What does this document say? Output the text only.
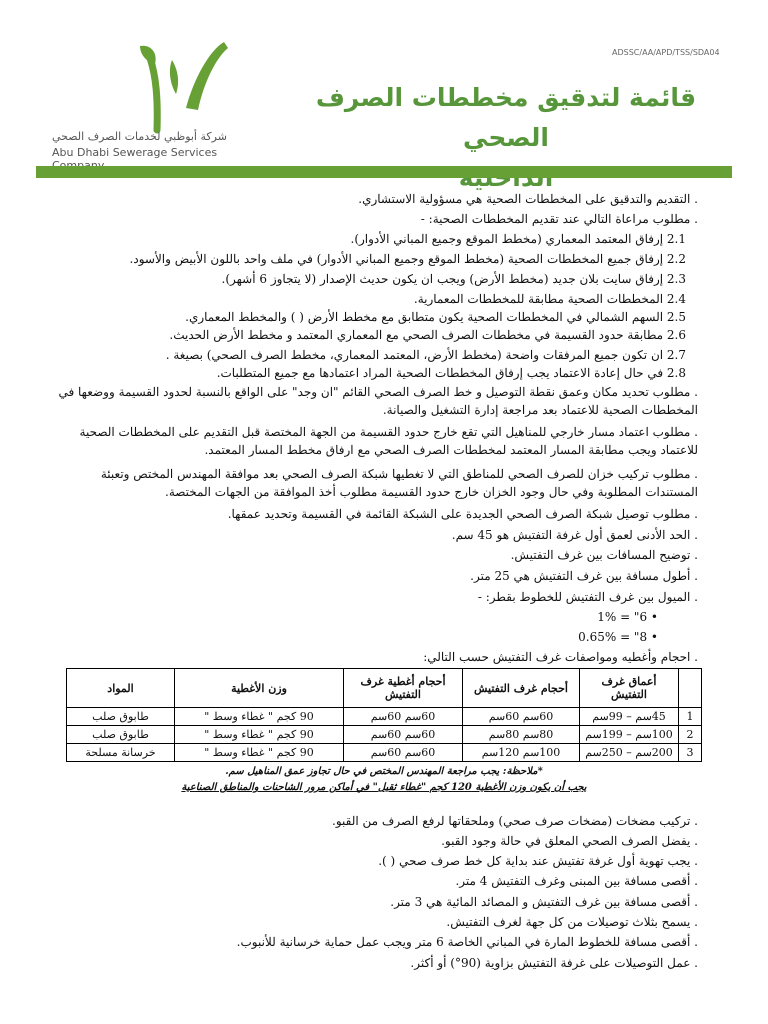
شركة أبوظبي لخدمات الصرف الصحي
Abu Dhabi Sewerage Services
ADSSC/AA/APD/TSS/SDA04
قائمة لتدقيق مخططات الصرف الصحي
. التقديم والتدقيق على المخططات الصحية هي مسؤولية الاستشاري.
. مطلوب مراعاة التالي عند تقديم المخططات الصحية: -
2.1 إرفاق المعتمد المعماري (مخطط الموقع وجميع المباني الأدوار).
2.2 إرفاق جميع المخططات الصحية (مخطط الموقع وجميع المباني الأدوار) في ملف واحد باللون الأبيض والأسود.
2.3 إرفاق سايت بلان جديد (مخطط الأرض) ويجب ان يكون حديث الإصدار (لا يتجاوز 6 أشهر).
2.4 المخططات الصحية مطابقة للمخططات المعمارية.
2.5 السهم الشمالي في المخططات الصحية يكون متطابق مع مخطط الأرض ( ) والمخطط المعماري.
2.6 مطابقة حدود القسيمة في مخططات الصرف الصحي مع المعماري المعتمد و مخطط الأرض الحديث.
2.7 ان تكون جميع المرفقات واضحة (مخطط الأرض، المعتمد المعماري، مخطط الصرف الصحي) بصيغة .
2.8 في حال إعادة الاعتماد يجب إرفاق المخططات الصحية المراد اعتمادها مع جميع المتطلبات.
. مطلوب تحديد مكان وعمق نقطة التوصيل و خط الصرف الصحي القائم "ان وجد" على الواقع بالنسبة لحدود القسيمة ووضعها في المخططات الصحية للاعتماد بعد مراجعة إدارة التشغيل والصيانة.
. مطلوب اعتماد مسار خارجي للمناهيل التي تقع خارج حدود القسيمة من الجهة المختصة قبل التقديم على المخططات الصحية للاعتماد ويجب مطابقة المسار المعتمد لمخططات الصرف الصحي مع ارفاق مخطط المسار المعتمد.
. مطلوب تركيب خزان للصرف الصحي للمناطق التي لا تغطيها شبكة الصرف الصحي بعد موافقة المهندس المختص وتعبئة المستندات المطلوبة وفي حال وجود الخزان خارج حدود القسيمة مطلوب أخذ الموافقة من الجهات المختصة.
. مطلوب توصيل شبكة الصرف الصحي الجديدة على الشبكة القائمة في القسيمة وتحديد عمقها.
. الحد الأدنى لعمق أول غرفة التفتيش هو 45 سم.
. توضيح المسافات بين غرف التفتيش.
. أطول مسافة بين غرف التفتيش هي 25 متر.
. الميول بين غرف التفتيش للخطوط بقطر: -
• 6" = 1%
• 8" = 0.65%
. احجام وأغطيه ومواصفات غرف التفتيش حسب التالي:
	أعماق غرف التفتيش	أحجام غرف التفتيش	أحجام أغطية غرف التفتيش	وزن الأغطية	المواد
1	45سم – 99سم	60سم 60سم	60سم 60سم	90 كجم " غطاء وسط "	طابوق صلب
2	100سم – 199سم	80سم 80سم	60سم 60سم	90 كجم " غطاء وسط "	طابوق صلب
3	200سم – 250سم	100سم 120سم	60سم 60سم	90 كجم " غطاء وسط "	خرسانة مسلحة
*ملاحظة: يجب مراجعة المهندس المختص في حال تجاوز عمق المناهيل سم.
يجب أن يكون وزن الأغطية 120 كجم "غطاء ثقيل" في أماكن مرور الشاحنات والمناطق الصناعية
. تركيب مضخات (مضخات صرف صحي) وملحقاتها لرفع الصرف من القبو.
. يفضل الصرف الصحي المعلق في حالة وجود القبو.
. يجب تهوية أول غرفة تفتيش عند بداية كل خط صرف صحي ( ).
. أقصى مسافة بين المبنى وغرف التفتيش 4 متر.
. أقصى مسافة بين غرف التفتيش و المصائد المائية هي 3 متر.
. يسمح بثلاث توصيلات من كل جهة لغرف التفتيش.
. أقصى مسافة للخطوط المارة في المباني الخاصة 6 متر ويجب عمل حماية خرسانية للأنبوب.
. عمل التوصيلات على غرفة التفتيش بزاوية (90°) أو أكثر.
